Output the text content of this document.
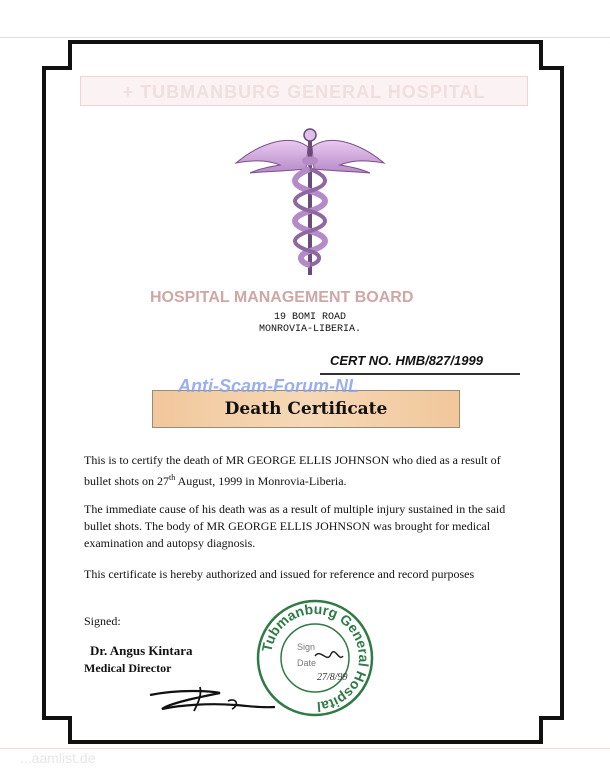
+ TUBMANBURG GENERAL HOSPITAL
HOSPITAL MANAGEMENT BOARD
19 BOMI ROAD
MONROVIA-LIBERIA.
CERT NO. HMB/827/1999
Death Certificate
Anti-Scam-Forum-NL
This is to certify the death of MR GEORGE ELLIS JOHNSON who died as a result of bullet shots on 27th August, 1999 in Monrovia-Liberia.
The immediate cause of his death was as a result of multiple injury sustained in the said bullet shots. The body of MR GEORGE ELLIS JOHNSON was brought for medical examination and autopsy diagnosis.
This certificate is hereby authorized and issued for reference and record purposes
Signed:
Dr. Angus Kintara
Medical Director
Tubmanburg General Hospital
Sign
Date
27/8/99
...aamlist.de
